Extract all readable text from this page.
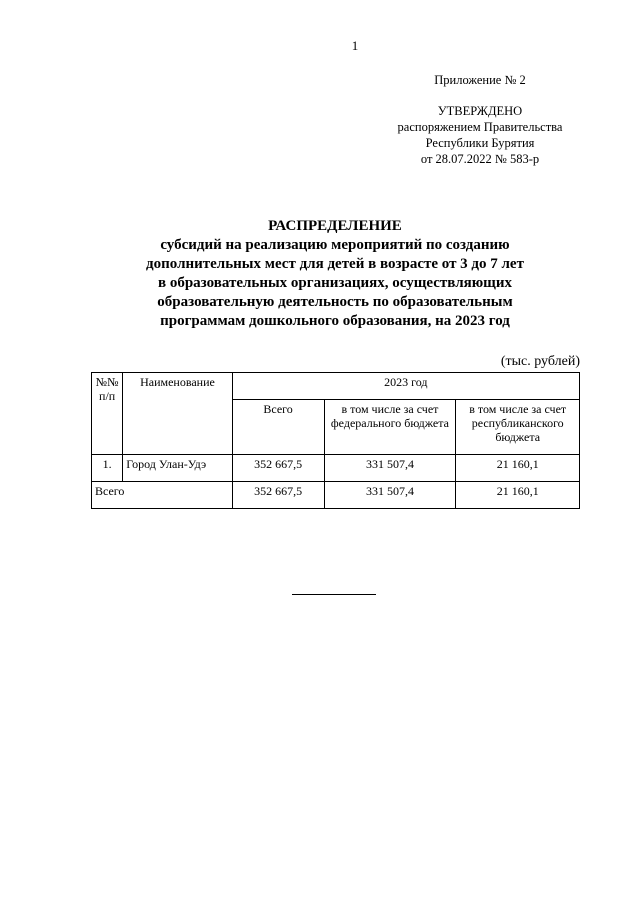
1
Приложение № 2
УТВЕРЖДЕНО
распоряжением Правительства
Республики Бурятия
от 28.07.2022 № 583-р
РАСПРЕДЕЛЕНИЕ
субсидий на реализацию мероприятий по созданию
дополнительных мест для детей в возрасте от 3 до 7 лет
в образовательных организациях, осуществляющих
образовательную деятельность по образовательным
программам дошкольного образования, на 2023 год
(тыс. рублей)
№№ п/п	Наименование	2023 год		
		Всего	в том числе за счет федерального бюджета	в том числе за счет республиканского бюджета
1.	Город Улан-Удэ	352 667,5	331 507,4	21 160,1
Всего		352 667,5	331 507,4	21 160,1
